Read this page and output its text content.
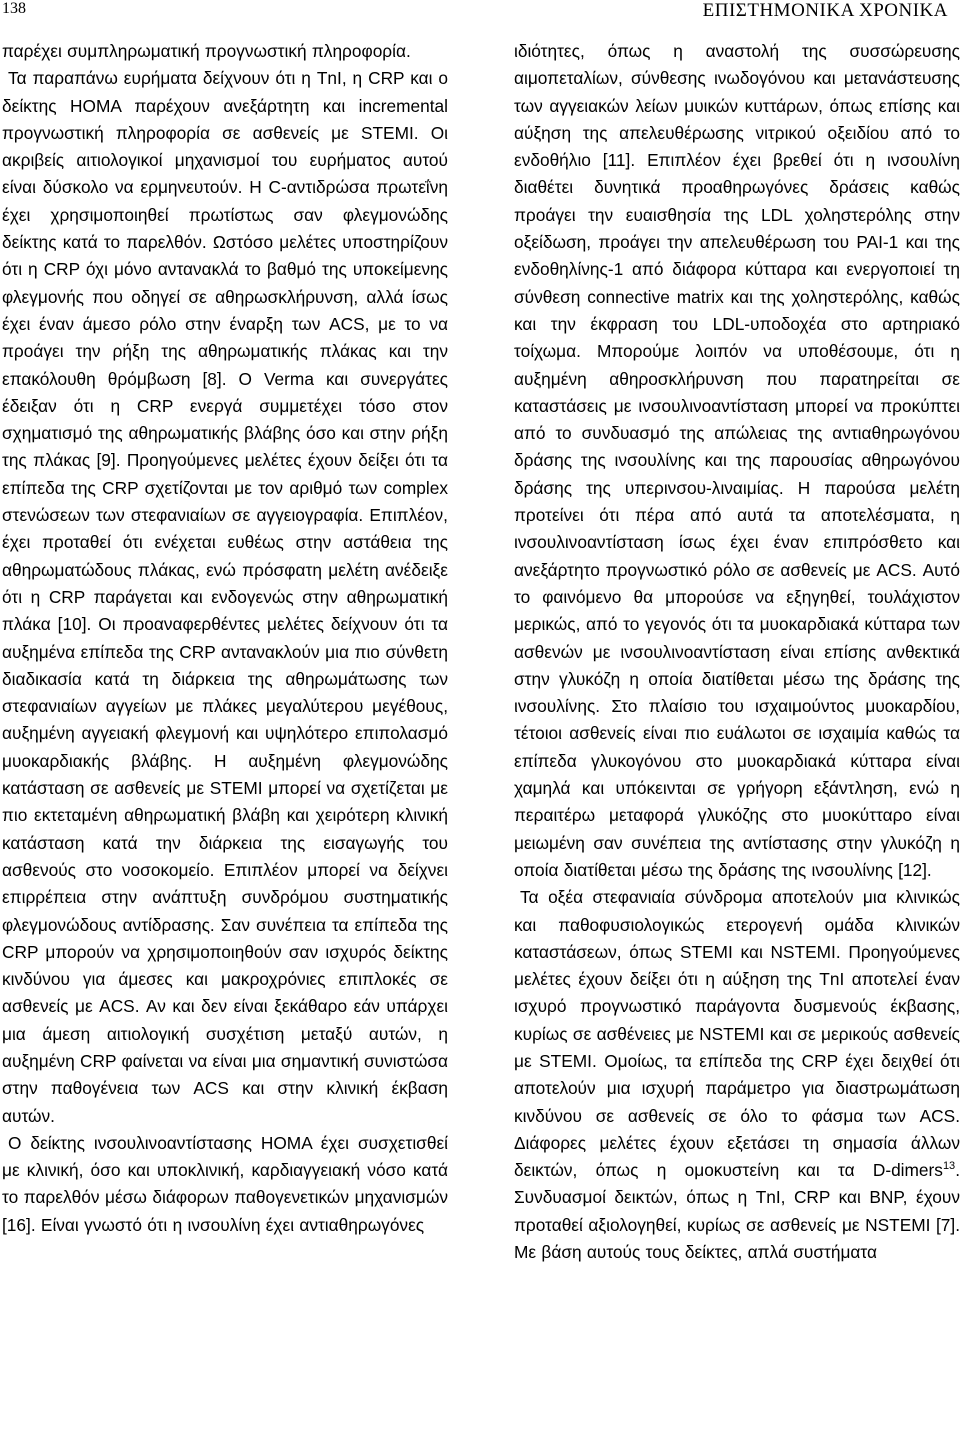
138	ΕΠΙΣΤΗΜΟΝΙΚΑ ΧΡΟΝΙΚΑ

παρέχει συμπληρωματική προγνωστική πληροφορία.

Τα παραπάνω ευρήματα δείχνουν ότι η TnI, η CRP και ο δείκτης HOMA παρέχουν ανεξάρτητη και incremental προγνωστική πληροφορία σε ασθενείς με STEMI. Οι ακριβείς αιτιολογικοί μηχανισμοί του ευρήματος αυτού είναι δύσκολο να ερμηνευτούν. Η C-αντιδρώσα πρωτεΐνη έχει χρησιμοποιηθεί πρωτίστως σαν φλεγμονώδης δείκτης κατά το παρελθόν. Ωστόσο μελέτες υποστηρίζουν ότι η CRP όχι μόνο αντανακλά το βαθμό της υποκείμενης φλεγμονής που οδηγεί σε αθηρωσκλήρυνση, αλλά ίσως έχει έναν άμεσο ρόλο στην έναρξη των ACS, με το να προάγει την ρήξη της αθηρωματικής πλάκας και την επακόλουθη θρόμβωση [8]. O Verma και συνεργάτες έδειξαν ότι η CRP ενεργά συμμετέχει τόσο στον σχηματισμό της αθηρωματικής βλάβης όσο και στην ρήξη της πλάκας [9]. Προηγούμενες μελέτες έχουν δείξει ότι τα επίπεδα της CRP σχετίζονται με τον αριθμό των complex στενώσεων των στεφανιαίων σε αγγειογραφία. Επιπλέον, έχει προταθεί ότι ενέχεται ευθέως στην αστάθεια της αθηρωματώδους πλάκας, ενώ πρόσφατη μελέτη ανέδειξε ότι η CRP παράγεται και ενδογενώς στην αθηρωματική πλάκα [10]. Οι προαναφερθέντες μελέτες δείχνουν ότι τα αυξημένα επίπεδα της CRP αντανακλούν μια πιο σύνθετη διαδικασία κατά τη διάρκεια της αθηρωμάτωσης των στεφανιαίων αγγείων με πλάκες μεγαλύτερου μεγέθους, αυξημένη αγγειακή φλεγμονή και υψηλότερο επιπολασμό μυοκαρδιακής βλάβης. Η αυξημένη φλεγμονώδης κατάσταση σε ασθενείς με STEMI μπορεί να σχετίζεται με πιο εκτεταμένη αθηρωματική βλάβη και χειρότερη κλινική κατάσταση κατά την διάρκεια της εισαγωγής του ασθενούς στο νοσοκομείο. Επιπλέον μπορεί να δείχνει επιρρέπεια στην ανάπτυξη συνδρόμου συστηματικής φλεγμονώδους αντίδρασης. Σαν συνέπεια τα επίπεδα της CRP μπορούν να χρησιμοποιηθούν σαν ισχυρός δείκτης κινδύνου για άμεσες και μακροχρόνιες επιπλοκές σε ασθενείς με ACS. Αν και δεν είναι ξεκάθαρο εάν υπάρχει μια άμεση αιτιολογική συσχέτιση μεταξύ αυτών, η αυξημένη CRP φαίνεται να είναι μια σημαντική συνιστώσα στην παθογένεια των ACS και στην κλινική έκβαση αυτών.

Ο δείκτης ινσουλινοαντίστασης HOMA έχει συσχετισθεί με κλινική, όσο και υποκλινική, καρδιαγγειακή νόσο κατά το παρελθόν μέσω διάφορων παθογενετικών μηχανισμών [16]. Είναι γνωστό ότι η ινσουλίνη έχει αντιαθηρωγόνες

ιδιότητες, όπως η αναστολή της συσσώρευσης αιμοπεταλίων, σύνθεσης ινωδογόνου και μετανάστευσης των αγγειακών λείων μυικών κυττάρων, όπως επίσης και αύξηση της απελευθέρωσης νιτρικού οξειδίου από το ενδοθήλιο [11]. Επιπλέον έχει βρεθεί ότι η ινσουλίνη διαθέτει δυνητικά προαθηρωγόνες δράσεις καθώς προάγει την ευαισθησία της LDL χοληστερόλης στην οξείδωση, προάγει την απελευθέρωση του PAI-1 και της ενδοθηλίνης-1 από διάφορα κύτταρα και ενεργοποιεί τη σύνθεση connective matrix και της χοληστερόλης, καθώς και την έκφραση του LDL-υποδοχέα στο αρτηριακό τοίχωμα. Μπορούμε λοιπόν να υποθέσουμε, ότι η αυξημένη αθηροσκλήρυνση που παρατηρείται σε καταστάσεις με ινσουλινοαντίσταση μπορεί να προκύπτει από το συνδυασμό της απώλειας της αντιαθηρωγόνου δράσης της ινσουλίνης και της παρουσίας αθηρωγόνου δράσης της υπερινσου-λιναιμίας. Η παρούσα μελέτη προτείνει ότι πέρα από αυτά τα αποτελέσματα, η ινσουλινοαντίσταση ίσως έχει έναν επιπρόσθετο και ανεξάρτητο προγνωστικό ρόλο σε ασθενείς με ACS. Αυτό το φαινόμενο θα μπορούσε να εξηγηθεί, τουλάχιστον μερικώς, από το γεγονός ότι τα μυοκαρδιακά κύτταρα των ασθενών με ινσουλινοαντίσταση είναι επίσης ανθεκτικά στην γλυκόζη η οποία διατίθεται μέσω της δράσης της ινσουλίνης. Στο πλαίσιο του ισχαιμούντος μυοκαρδίου, τέτοιοι ασθενείς είναι πιο ευάλωτοι σε ισχαιμία καθώς τα επίπεδα γλυκογόνου στο μυοκαρδιακά κύτταρα είναι χαμηλά και υπόκεινται σε γρήγορη εξάντληση, ενώ η περαιτέρω μεταφορά γλυκόζης στο μυοκύτταρο είναι μειωμένη σαν συνέπεια της αντίστασης στην γλυκόζη η οποία διατίθεται μέσω της δράσης της ινσουλίνης [12].

Τα οξέα στεφανιαία σύνδρομα αποτελούν μια κλινικώς και παθοφυσιολογικώς ετερογενή ομάδα κλινικών καταστάσεων, όπως STEMI και NSTEMI. Προηγούμενες μελέτες έχουν δείξει ότι η αύξηση της TnI αποτελεί έναν ισχυρό προγνωστικό παράγοντα δυσμενούς έκβασης, κυρίως σε ασθένειες με NSTEMI και σε μερικούς ασθενείς με STEMI. Ομοίως, τα επίπεδα της CRP έχει δειχθεί ότι αποτελούν μια ισχυρή παράμετρο για διαστρωμάτωση κινδύνου σε ασθενείς σε όλο το φάσμα των ACS. Διάφορες μελέτες έχουν εξετάσει τη σημασία άλλων δεικτών, όπως η ομοκυστείνη και τα D-dimers$^{13}$. Συνδυασμοί δεικτών, όπως η TnI, CRP και BNP, έχουν προταθεί αξιολογηθεί, κυρίως σε ασθενείς με NSTEMI [7]. Με βάση αυτούς τους δείκτες, απλά συστήματα
